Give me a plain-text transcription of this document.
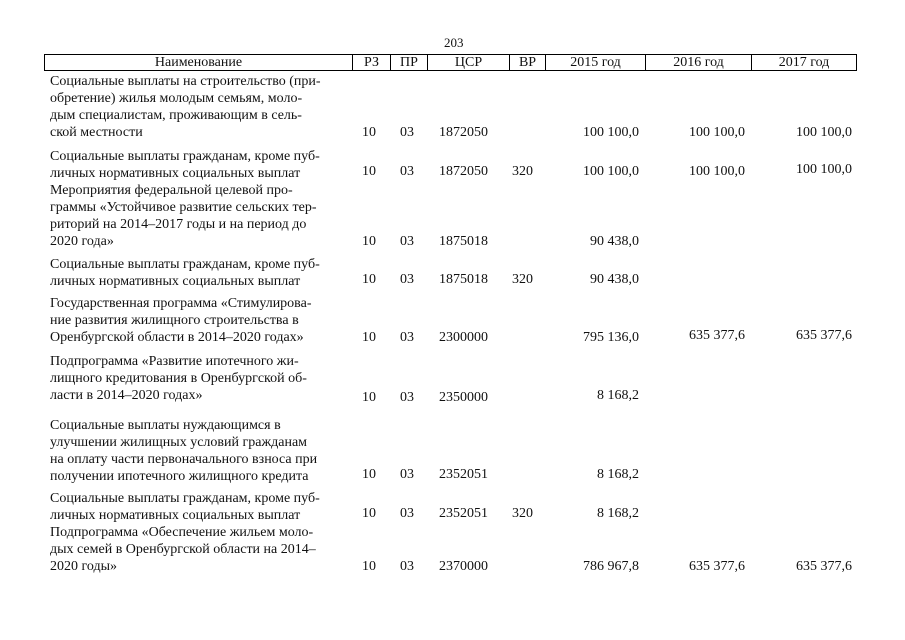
203
Наименование	РЗ	ПР	ЦСР	ВР	2015 год	2016 год	2017 год
Социальные выплаты на строительство (при-
обретение) жилья молодым семьям, моло-
дым специалистам, проживающим в сель-
ской местности	10 03 1872050	100 100,0	100 100,0	100 100,0
Социальные выплаты гражданам, кроме пуб-
личных нормативных социальных выплат	10 03 1872050 320	100 100,0	100 100,0	100 100,0
Мероприятия федеральной целевой про-
граммы «Устойчивое развитие сельских тер-
риторий на 2014–2017 годы и на период до
2020 года»	10 03 1875018	90 438,0
Социальные выплаты гражданам, кроме пуб-
личных нормативных социальных выплат	10 03 1875018 320	90 438,0
Государственная программа «Стимулирова-
ние развития жилищного строительства в
Оренбургской области в 2014–2020 годах»	10 03 2300000	795 136,0	635 377,6	635 377,6
Подпрограмма «Развитие ипотечного жи-
лищного кредитования в Оренбургской об-
ласти в 2014–2020 годах»	10 03 2350000	8 168,2
Социальные выплаты нуждающимся в
улучшении жилищных условий гражданам
на оплату части первоначального взноса при
получении ипотечного жилищного кредита	10 03 2352051	8 168,2
Социальные выплаты гражданам, кроме пуб-
личных нормативных социальных выплат	10 03 2352051 320	8 168,2
Подпрограмма «Обеспечение жильем моло-
дых семей в Оренбургской области на 2014–
2020 годы»	10 03 2370000	786 967,8	635 377,6	635 377,6
